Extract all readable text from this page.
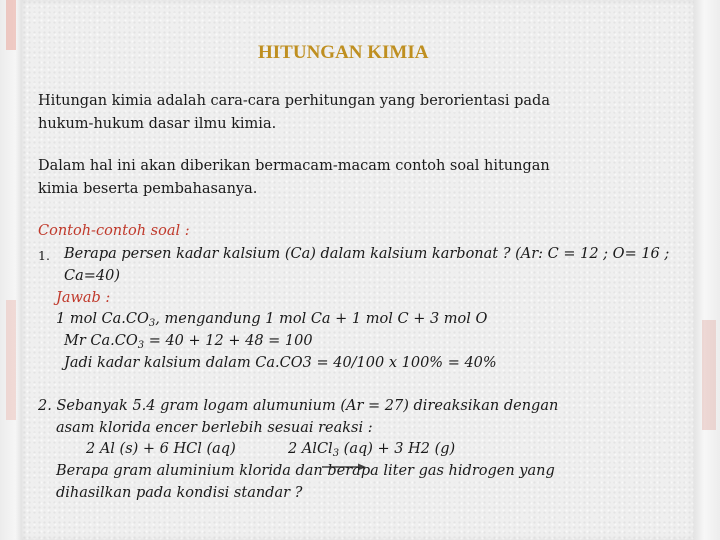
HITUNGAN KIMIA
Hitungan kimia adalah cara-cara perhitungan yang berorientasi pada
hukum-hukum dasar ilmu kimia.
Dalam hal ini akan diberikan bermacam-macam contoh soal hitungan
kimia beserta pembahasanya.
Contoh-contoh soal :
1. Berapa persen kadar kalsium (Ca) dalam kalsium karbonat ? (Ar: C = 12 ; O= 16 ;
Ca=40)
Jawab :
1 mol $Ca.CO_3$, mengandung 1 mol Ca + 1 mol C + 3 mol O
Mr $Ca.CO_3 = 40 + 12 + 48 = 100$
Jadi kadar kalsium dalam Ca.CO3 = 40/100 x 100% = 40%
2. Sebanyak 5.4 gram logam alumunium (Ar = 27) direaksikan dengan
asam klorida encer berlebih sesuai reaksi :
2 Al (s) + 6 HCl (aq)	2 AlCl$_3$ (aq) + 3 H2 (g)
Berapa gram aluminium klorida dan berapa liter gas hidrogen yang
dihasilkan pada kondisi standar ?
